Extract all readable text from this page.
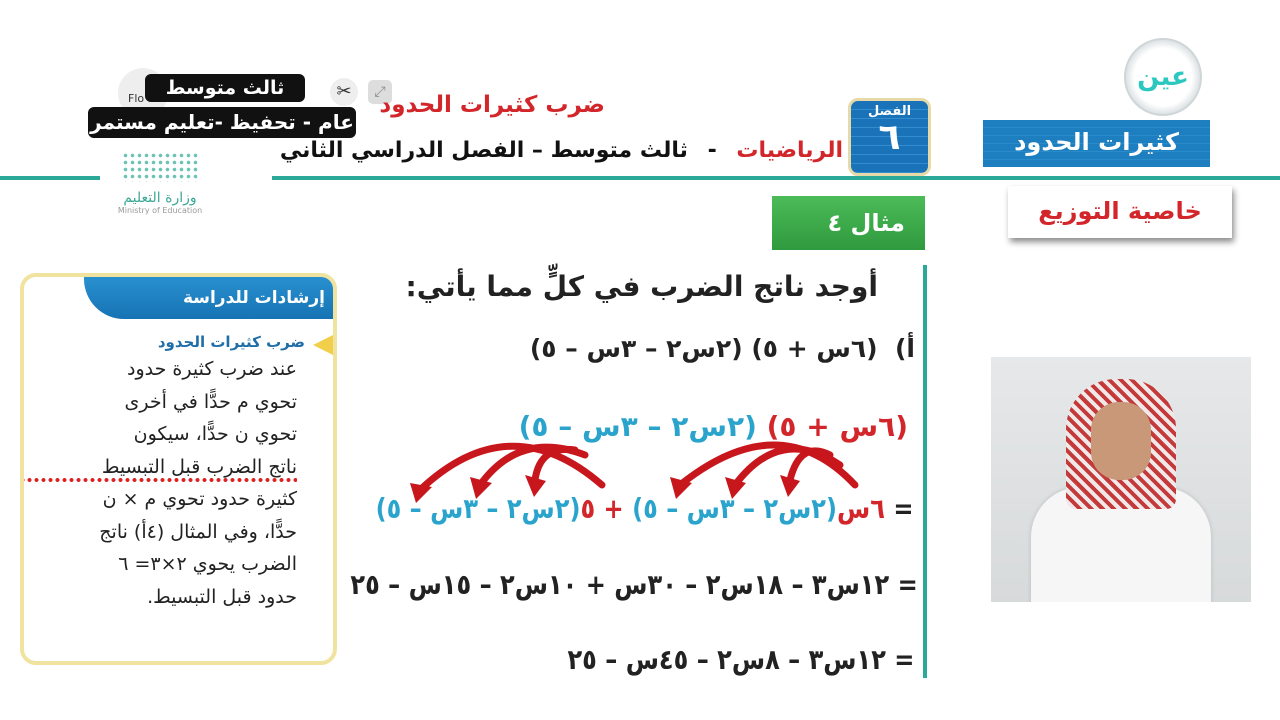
Flo	✂	⤢
ثالث متوسط
عام - تحفيظ -تعليم مستمر
ضرب كثيرات الحدود
الرياضيات - ثالث متوسط – الفصل الدراسي الثاني
وزارة التعليم
Ministry of Education
الفصل
٦	كثيرات الحدود
عين
خاصية التوزيع
مثال ٤
أوجد ناتج الضرب في كلٍّ مما يأتي:
أ)  (٦س + ٥) (٢س٢ – ٣س – ٥)
(٦س + ٥) (٢س٢ – ٣س – ٥)
= ٦س(٢س٢ – ٣س – ٥) + ٥(٢س٢ – ٣س – ٥)
= ١٢س٣ – ١٨س٢ – ٣٠س + ١٠س٢ – ١٥س – ٢٥
= ١٢س٣ – ٨س٢ – ٤٥س – ٢٥
إرشادات للدراسة
ضرب كثيرات الحدود
عند ضرب كثيرة حدود
تحوي م حدًّا في أخرى
تحوي ن حدًّا، سيكون
ناتج الضرب قبل التبسيط
كثيرة حدود تحوي م × ن
حدًّا، وفي المثال (٤أ) ناتج
الضرب يحوي ٢×٣= ٦
حدود قبل التبسيط.
